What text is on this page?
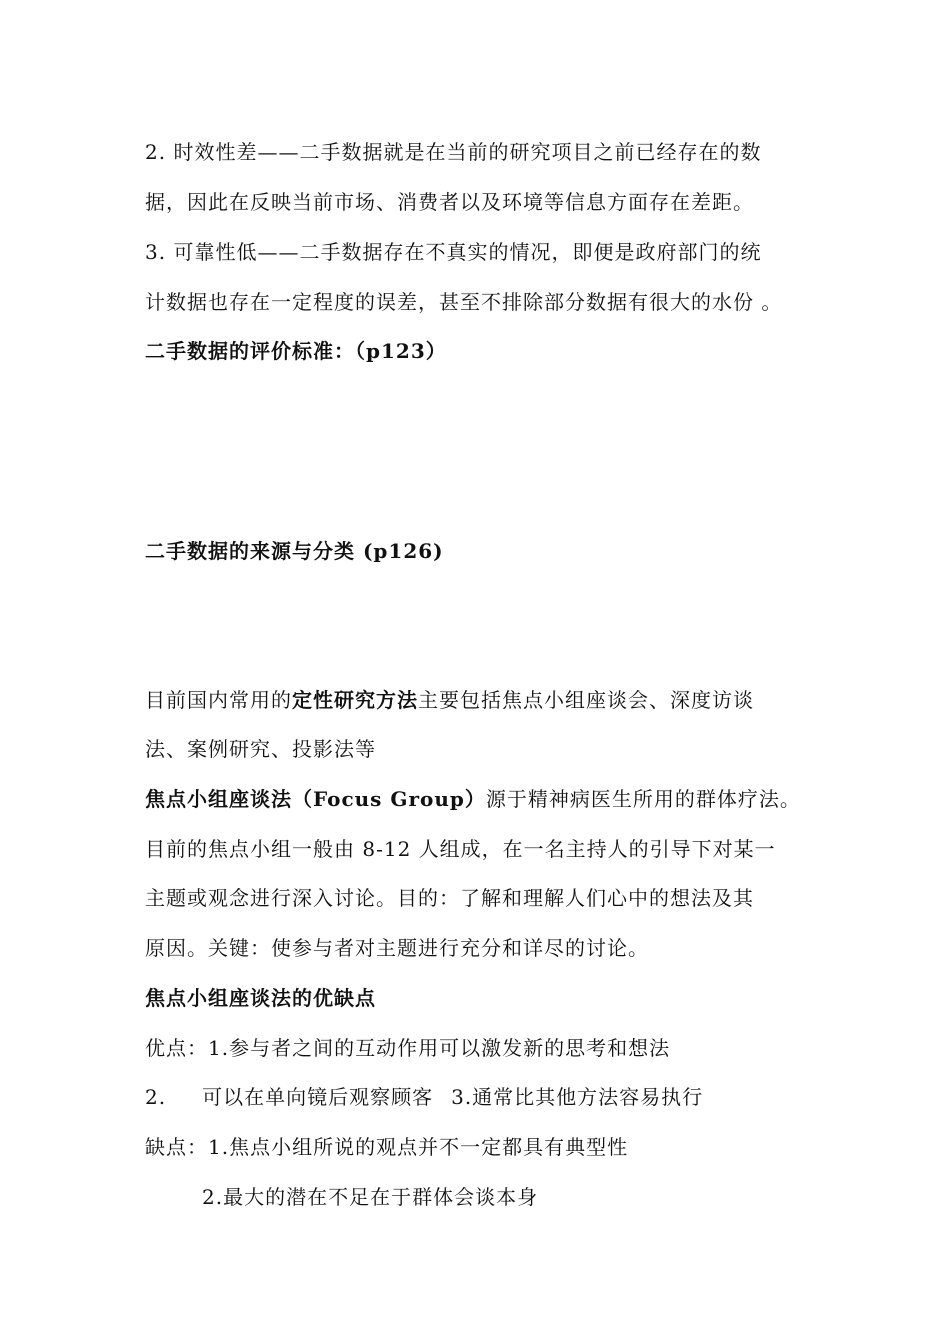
2. 时效性差——二手数据就是在当前的研究项目之前已经存在的数
据，因此在反映当前市场、消费者以及环境等信息方面存在差距。
3. 可靠性低——二手数据存在不真实的情况，即便是政府部门的统
计数据也存在一定程度的误差，甚至不排除部分数据有很大的水份 。
二手数据的评价标准：（p123）
二手数据的来源与分类 (p126)
目前国内常用的定性研究方法主要包括焦点小组座谈会、深度访谈
法、案例研究、投影法等
焦点小组座谈法（Focus Group）源于精神病医生所用的群体疗法。
目前的焦点小组一般由 8-12 人组成，在一名主持人的引导下对某一
主题或观念进行深入讨论。目的：了解和理解人们心中的想法及其
原因。关键：使参与者对主题进行充分和详尽的讨论。
焦点小组座谈法的优缺点
优点：1.参与者之间的互动作用可以激发新的思考和想法
2. 可以在单向镜后观察顾客 3.通常比其他方法容易执行
缺点：1.焦点小组所说的观点并不一定都具有典型性
2.最大的潜在不足在于群体会谈本身
